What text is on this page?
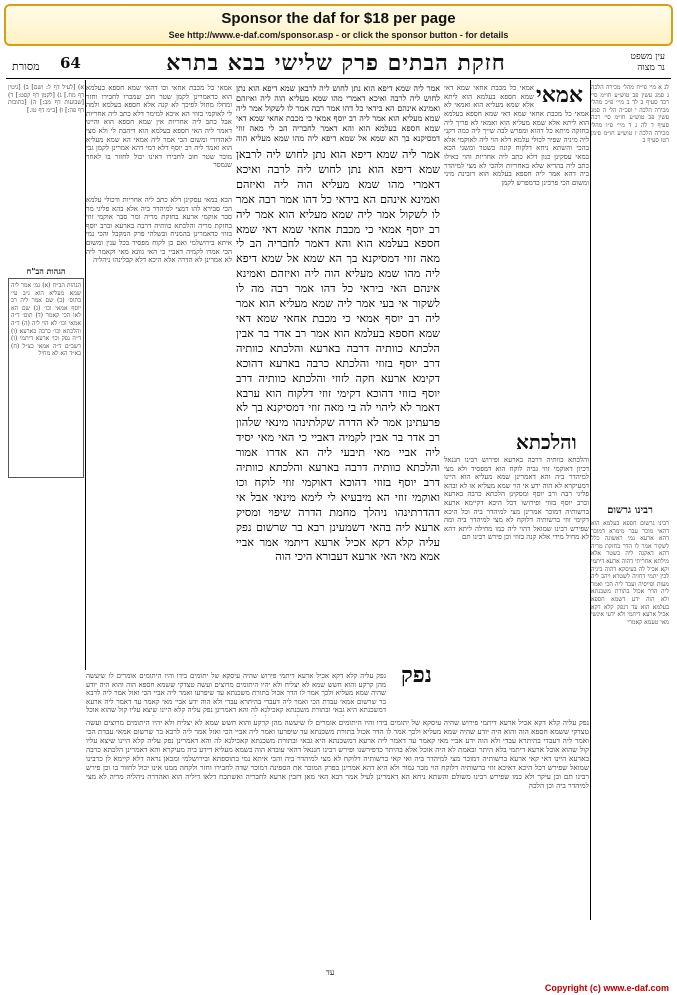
Sponsor the daf for $18 per page
See http://www.e-daf.com/sponsor.asp - or click the sponsor button - for details
64	חזקת הבתים פרק שלישי בבא בתרא
מסורת
עין משפט
נר מצוה
א) [לעיל דף ל: ושם] ב) [גיטין דף מח.] ג) [לקמן דף קסט:] ד) [שבועות דף מב:] ה) [כתובות דף פה:] ו) [ב״מ דף טז.]
הגהות הב"ח
הגהות הב״ח (א) גמ׳ אמר ליה שמא מעליא הוא נ״ב עי׳ בתוס׳ (ב) שם אמר ליה רב יוסף אמאי וכו׳ (ג) שם הא לאו הכי קאמר (ד) תוס׳ ד״ה אמאי וכו׳ לא הוי ליה (ה) ד״ה והלכתא וכו׳ כרבה בארעא (ו) ד״ה נפק וכו׳ ארעא דיתמי (ז) רשב״ם ד״ה אמאי כצ״ל (ח) בא״ד הא לא מחיל
לג א מיי פי״ח מהל׳ מכירה הלכה ג סמג עשין פב טוש״ע חו״מ סי׳ רכד סעיף ב לד ב מיי׳ פ״כ מהל׳ מכירה הלכה י ופכ״ה הל׳ ה סמג עשין פב טוש״ע חו״מ סי׳ רכה סעיף ד לה ג ד מיי׳ פ״ו מהל׳ מכירה הלכה ז טוש״ע חו״מ סימן רטז סעיף ב
רבינו גרשום
רבינו גרשום חספא בעלמא הוא דהאי מוכר עבר מימרא דמוכר דהא ארעא נמי ראשונה כלל לשקור אמר לו הדר בחזקת מריה דהא דאקנה ליה בשטר אלא מילתא אחריתי דהוה ארעא דיתמי וקא אכיל לה בעיסקא דהוה ביניה לבין יתמי דחזיה לשטרא ויהב ליה מעות ופייסיה ועבד ליה הכי ואמר ליה הדר אכול בתורת משכנתא ולא הוה ידע דשמא חספא בעלמא הוא עד דנפק קלא דקא אכיל ארעא דיתמי ולא ידעי אינשי מאי טעמא קאמרי
אמאי כל מכבת אחאי וכו דהאי שמא חספא בעלמא הוא כדאמרינן לקמן שטר חוב שמכרו לחבירו וחזר ומחלו מחול לפיכך לא קנה אלא חספא בעלמא ולמה לי לאוקמי בזוזי הא איכא למימר דלא כתב ליה אחריות אבל כתב ליה אחריות אין שמא חספא הוא והיינו דאמר ליה האי חספא בעלמא הוא דיהבת לי ולא מצי לאהדורי ומשום הכי אמר ליה אמאי הא שמא מעליא הוא ואמר ליה רב יוסף דלא דמי דהא אמרינן לקמן גבי מוכר שטר חוב לחבירו דאינו יכול לחזור בו לאחר שנמסר
הכא במאי עסקינן דלא כתב ליה אחריות ודכולי עלמא הכי סבירא להו דמצי למיהדר ביה אלא בהא פליגי מר סבר אוקמי ארעא בחזקת מריה ומר סבר אוקמי זוזי בחזקת מריה והלכתא כוותיה דרבה בארעא וכרב יוסף בזוזי כדאמרינן בהמניח ובשלהי פרק המקבל והכי נמי איתא בירושלמי ואם כן לקוח מפסיד בכל ענין ומשום הכי אמרו לקמיה דאביי כי האי גוונא מאי וקאמר ליה לא אמרינן לא הדרה אלא היכא דלא קבלינהו ניהליה
אמאי
אמאי כל מכבת אחאי שמא דאי שמא חספא בעלמא הוא ליתא אלא שמא מעליא הוא ואמאי לא
אמאי כל מכבת אחאי שמא דאי שמא חספא בעלמא הוא ליתא אלא שמא מעליא הוא ואמאי לא פריך ליה בחזקה מיתא כל דהוא ומפרש לבה שייך ליה כמה דקני ליה מיניה שפיר לכולי עלמא דלא הוי ליה לאוקמי אלא בהכי והשתא ניחא דלקוח קונה בשטר ומשני הכא במאי עסקינן כגון דלא כתב ליה אחריות והוי כאילו כתב ליה בהדיא שלא באחריות ולהכי לא מצי למיהדר ביה דהא אמר ליה חספא בעלמא הוא דזבינת מיני ומשום הכי פרכינן כדמפרש לקמן
והלכתא
והלכתא כוותיה דרבה בארעא ופירוש רבינו חננאל דכיון דאוקמי זוזי גביה לוקח הוא דמפסיד ולא מצי למיהדר ביה והא דאמרינן שמא מעליא הוא היינו דמעיקרא לא הוה ידע אי הוי שמא מעליא או לא ובהא פליגי רבה ורב יוסף ומסקינן הלכתא כרבה בארעא וכרב יוסף בזוזי ופירושו דכל היכא דקיימא ארעא ברשותיה דמוכר אמרינן מצי למיהדר ביה וכל היכא דקימי זוזי ברשותיה דלוקח לא מצי למיהדר ביה ומה שפירש רבינו שמואל דהוי ליה כמו מחילה ליתא דהא לא מחיל מידי אלא קנה בזוזי וכן פירש רבינו תם
אמר ליה שמא דיפא הוא נתן לחוש ליה לרבאן שמא דיפא הוא נתן לחוש ליה לרבה ואיכא דאמרי מהו שמא מעליא הוה ליה ואיזהם ואמינא אינהם הא בידאי כל דהו אמר רבה אמר לו לשקול אמר ליה שמא מעליא הוא אמר ליה רב יוסף אמאי כי מכבת אחאי שמא דאי שמא חספא בעלמא הוא והא דאמר לחבריה הב לי מאה זוזי דמסיקנא בך הא שמא אל שמא דיפא ליה מהו שמא מעליא הוה ליה ואיזהם ואמינא אינהם האי ביראי כל דהו אמר רבה מה לו לשקור אי בעי אמר ליה שמא מעליא הוא אמר ליה רב יוסף אמאי כי מכבת אחאי שמא דאי שמא חספא בעלמא הוא אמר רב אדר בר אבין הלכתא כוותיה דרבה בארעא והלכתא כוותיה דרב יוסף בזוזי והלכתא כרבה בארעא דהוכא דקימא ארעא חקה לזוזי והלכתא כוותיה דרב יוסף בזוזי דהוכא דקימי זוזי דלקוח הוא ערבא דאמר לא ליהוי לה בי מאה זוזי דמסיקנא בך לא פרעתינן אמר לא הדרה שקלתינהו מינאי שלהון רב אדר בר אבין לקמיה דאביי כי האי מאי יסיד ליה אביי מאי תיבעי ליה הא אדרו אמור והלכתא כוותיה דרבה בארעא והלכתא כוותיה דרב יוסף בזוזי דהוכא דאוקמי זוזי לוקח וכו ואוקמי זוזי הא מיבעיא לי לימא מינאי אבל אי דהדרתינהו ניהלך מחמת הדרה שיפוי ומסיק ארעא ליה בהאי דשמעינן רבא בר שרשום נפק עליה קלא דקא אכיל ארעא דיתמי אמר אביי אמא מאי האי ארעא דעבורא היכי הוה
אמר ליה שמא דיפא הוא נתן לחוש ליה לרבאן שמא דיפא הוא נתן לחוש ליה לרבה ואיכא דאמרי מהו שמא מעליא הוה ליה ואיזהם ואמינא אינהם הא בידאי כל דהו אמר רבה אמר לו לשקול אמר ליה שמא מעליא הוא אמר ליה רב יוסף אמאי כי מכבת אחאי שמא דאי שמא חספא בעלמא הוא והא דאמר לחבריה הב לי מאה זוזי דמסיקנא בך הא שמא אל שמא דיפא ליה מהו שמא מעליא הוה
נפק
נפק עליה קלא דקא אכיל ארעא דיתמי פירוש שהיה עיסקא של יתומים בידו והיו היתומים אומרים לו שיעשה מהן קרקע והוא חשש שמא לא יצליח ולא יהיו היתומים מרוצים ועשה טצדקי ששמא חספא הוה והוא היה יודע שהיה שמא מעליא ולכך אמר לו הדר אכול בתורת משכנתא עד שיפרעו ואמר ליה אביי הכי ואזל אמר ליה לרבא בר שרשום אמאי עבדת הכי ואמר ליה דעבדי בהיתרא עבדי ולא הוה ידע אביי מאי קאמר עד דאמר ליה ארעא דמשכנתא היא גבאי ובתורת משכנתא קאכילנא לה והא דאמרינן נפק עליה קלא היינו שיצא עליו קול שהוא אוכל
נפק עליה קלא דקא אכיל ארעא דיתמי פירוש שהיה עיסקא של יתומים בידו והיו היתומים אומרים לו שיעשה מהן קרקע והוא חשש שמא לא יצליח ולא יהיו היתומים מרוצים ועשה טצדקי ששמא חספא הוה והוא היה יודע שהיה שמא מעליא ולכך אמר לו הדר אכול בתורת משכנתא עד שיפרעו ואמר ליה אביי הכי ואזל אמר ליה לרבא בר שרשום אמאי עבדת הכי ואמר ליה דעבדי בהיתרא עבדי ולא הוה ידע אביי מאי קאמר עד דאמר ליה ארעא דמשכנתא היא גבאי ובתורת משכנתא קאכילנא לה והא דאמרינן נפק עליה קלא היינו שיצא עליו קול שהוא אוכל ארעא דיתמי בלא היתר ובאמת לא היה אוכל אלא בהיתר כדפירשנו ופירש רבינו חננאל דהאי עובדא הוה בשמא מעליא דידע ביה מעיקרא והא דאמרינן הלכתא כרבה בארעא היינו דאי קאי ארעא ברשותיה דמוכר מצי למיהדר ביה ואי קאי ברשותיה דלוקח לא מצי למיהדר ביה והכי איתא נמי בתוספתא ובירושלמי ומכאן נראה דלא קיימא לן כרבינו שמואל שפירש דכל היכא דאיכא זוזי ברשותיה דלוקח הוי מכר גמור ולא היא דהא אמרינן בפרק המוכר את הספינה דמוכר שדה לחבירו וחזר ולקחה ממנו אינו יכול לחזור בו וכן פירש רבינו תם וכן עיקר ולא כמו שפירש רבינו משולם והשתא ניחא הא דאמרינן לעיל אמר רבא האי מאן דזבין ארעא לחבריה ואשתכח דלאו דיליה הוא ואהדרה ניהליה מריה לא מצי למיהדר ביה וכן הלכה
עד
Copyright (c) www.e-daf.com
